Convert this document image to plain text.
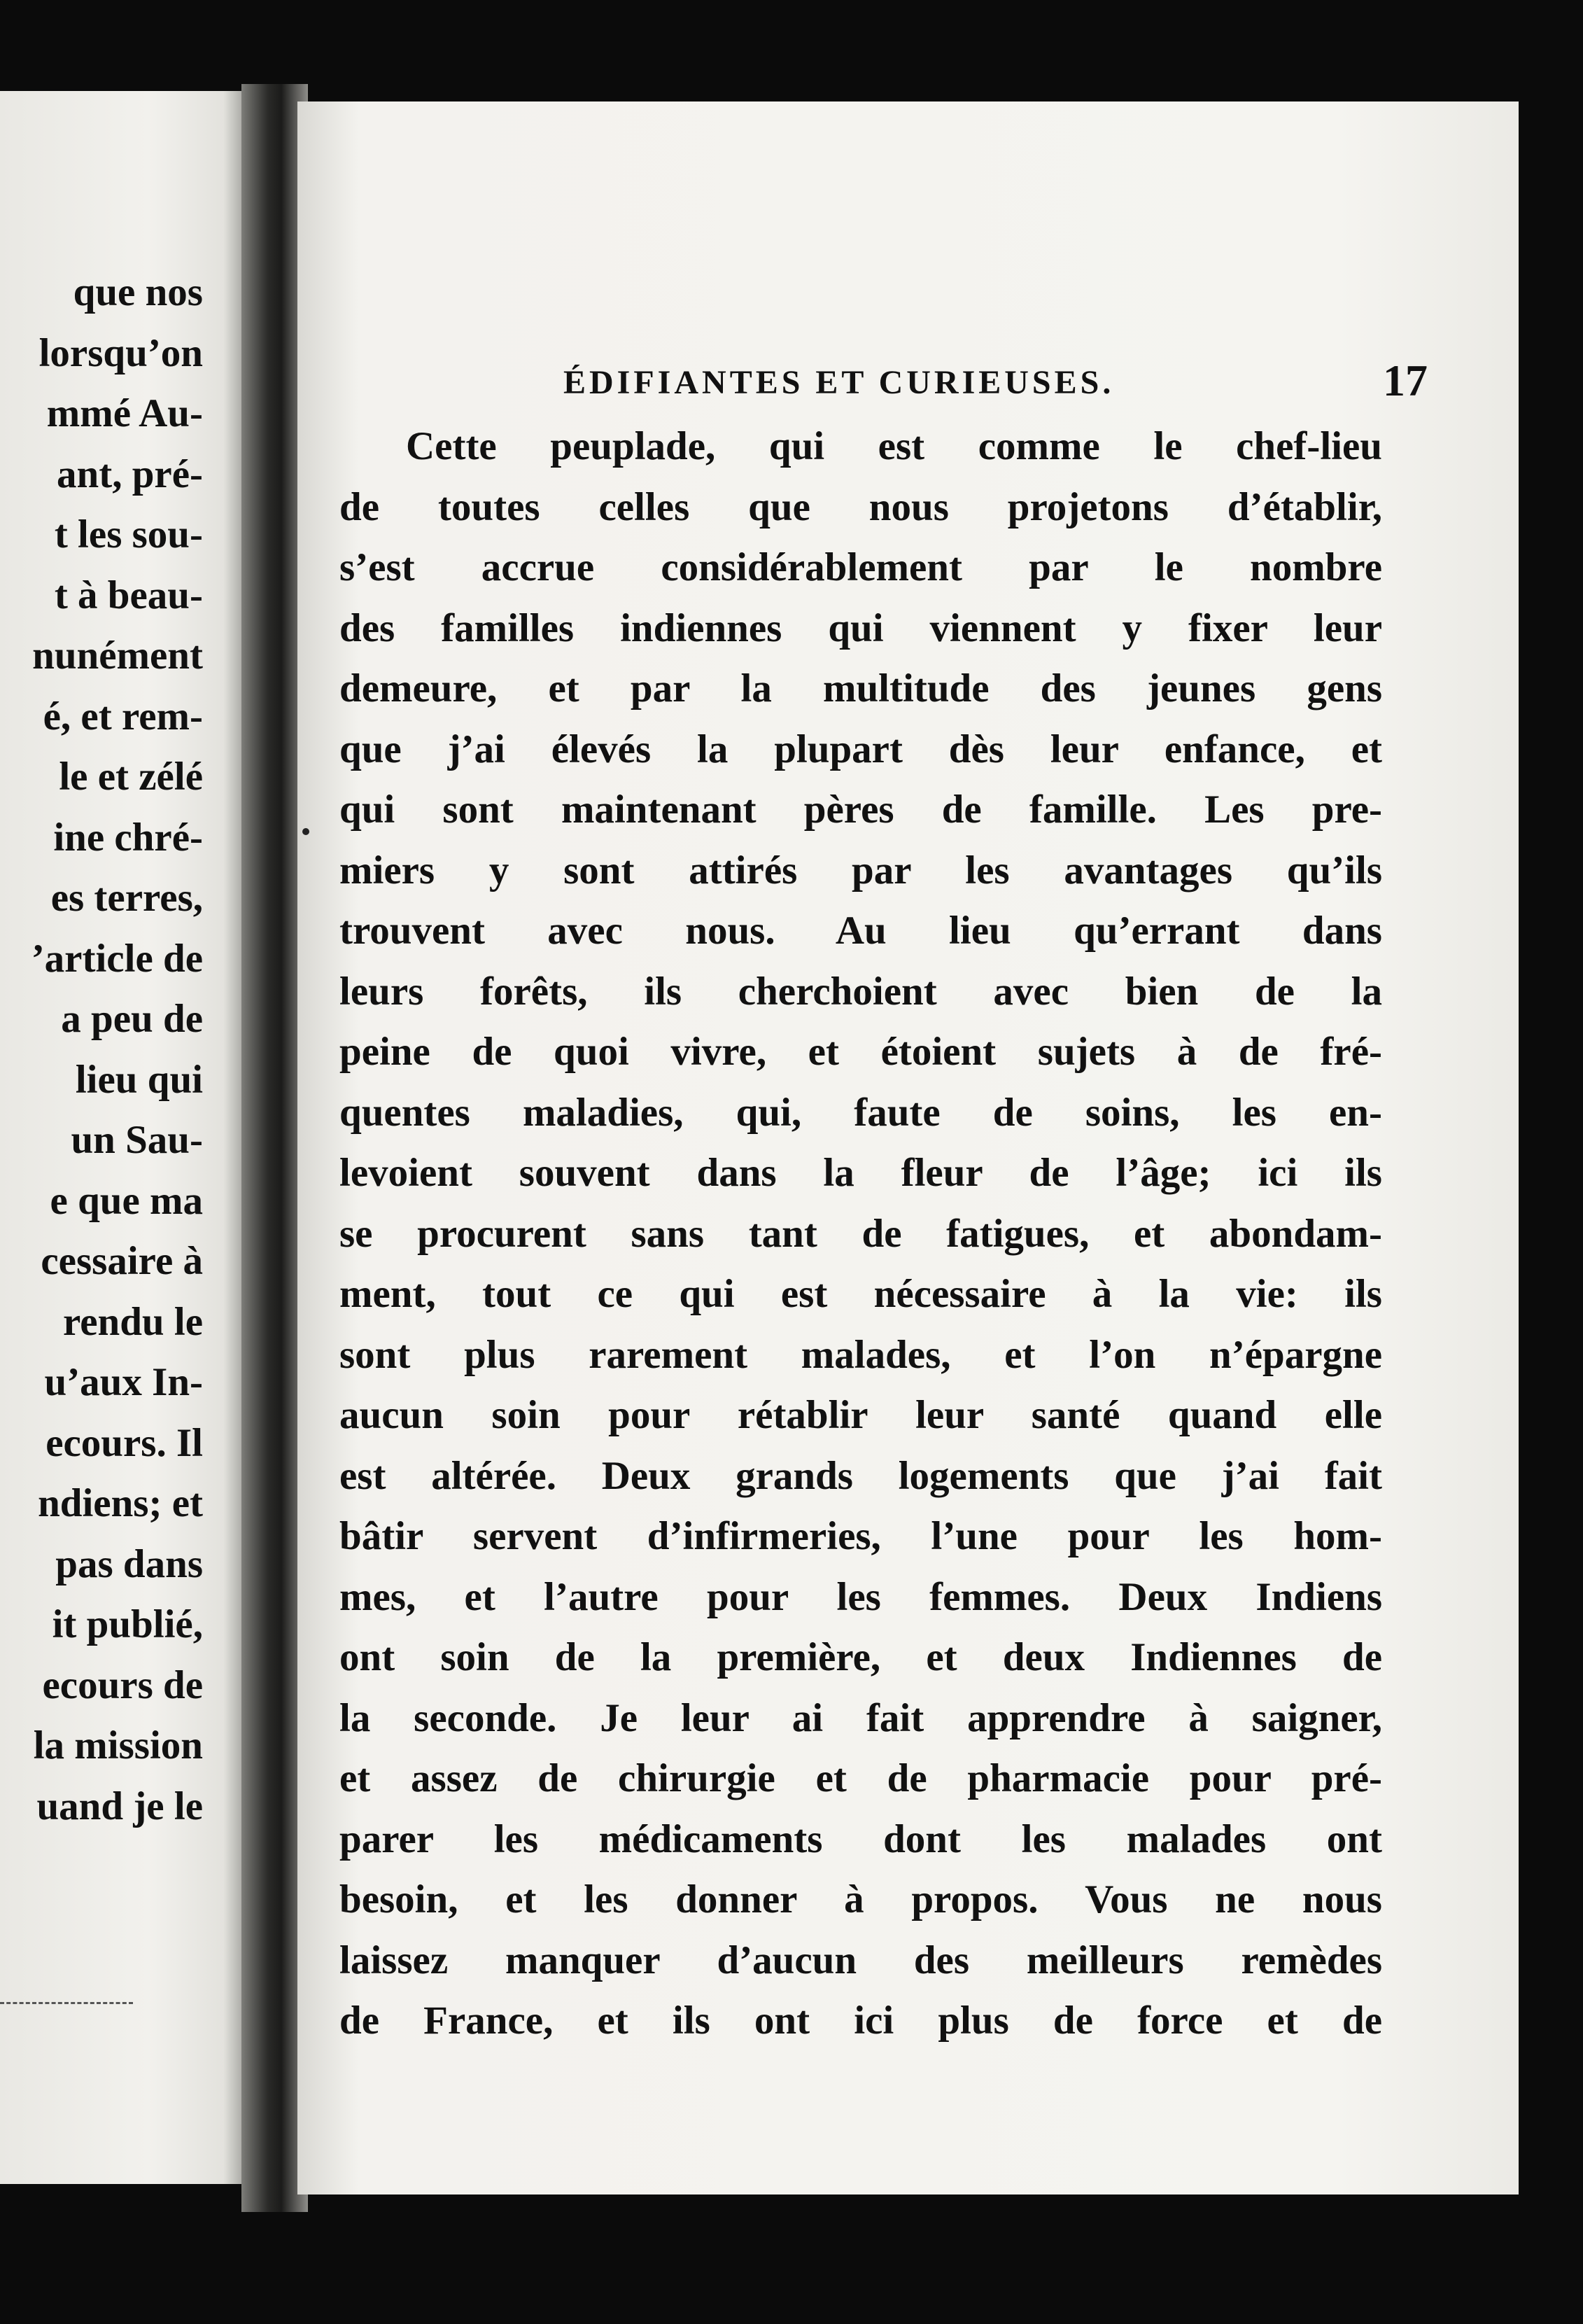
que nos
lorsqu’on
mmé Au-
ant, pré-
t les sou-
t à beau-
nunément
é, et rem-
le et zélé
ine chré-
es terres,
’article de
a peu de
lieu qui
un Sau-
e que ma
cessaire à
rendu le
u’aux In-
ecours. Il
ndiens; et
pas dans
it publié,
ecours de
la mission
uand je le
ÉDIFIANTES ET CURIEUSES.	17
Cette peuplade, qui est comme le chef-lieu
de toutes celles que nous projetons d’établir,
s’est accrue considérablement par le nombre
des familles indiennes qui viennent y fixer leur
demeure, et par la multitude des jeunes gens
que j’ai élevés la plupart dès leur enfance, et
qui sont maintenant pères de famille. Les pre-
miers y sont attirés par les avantages qu’ils
trouvent avec nous. Au lieu qu’errant dans
leurs forêts, ils cherchoient avec bien de la
peine de quoi vivre, et étoient sujets à de fré-
quentes maladies, qui, faute de soins, les en-
levoient souvent dans la fleur de l’âge; ici ils
se procurent sans tant de fatigues, et abondam-
ment, tout ce qui est nécessaire à la vie: ils
sont plus rarement malades, et l’on n’épargne
aucun soin pour rétablir leur santé quand elle
est altérée. Deux grands logements que j’ai fait
bâtir servent d’infirmeries, l’une pour les hom-
mes, et l’autre pour les femmes. Deux Indiens
ont soin de la première, et deux Indiennes de
la seconde. Je leur ai fait apprendre à saigner,
et assez de chirurgie et de pharmacie pour pré-
parer les médicaments dont les malades ont
besoin, et les donner à propos. Vous ne nous
laissez manquer d’aucun des meilleurs remèdes
de France, et ils ont ici plus de force et de
